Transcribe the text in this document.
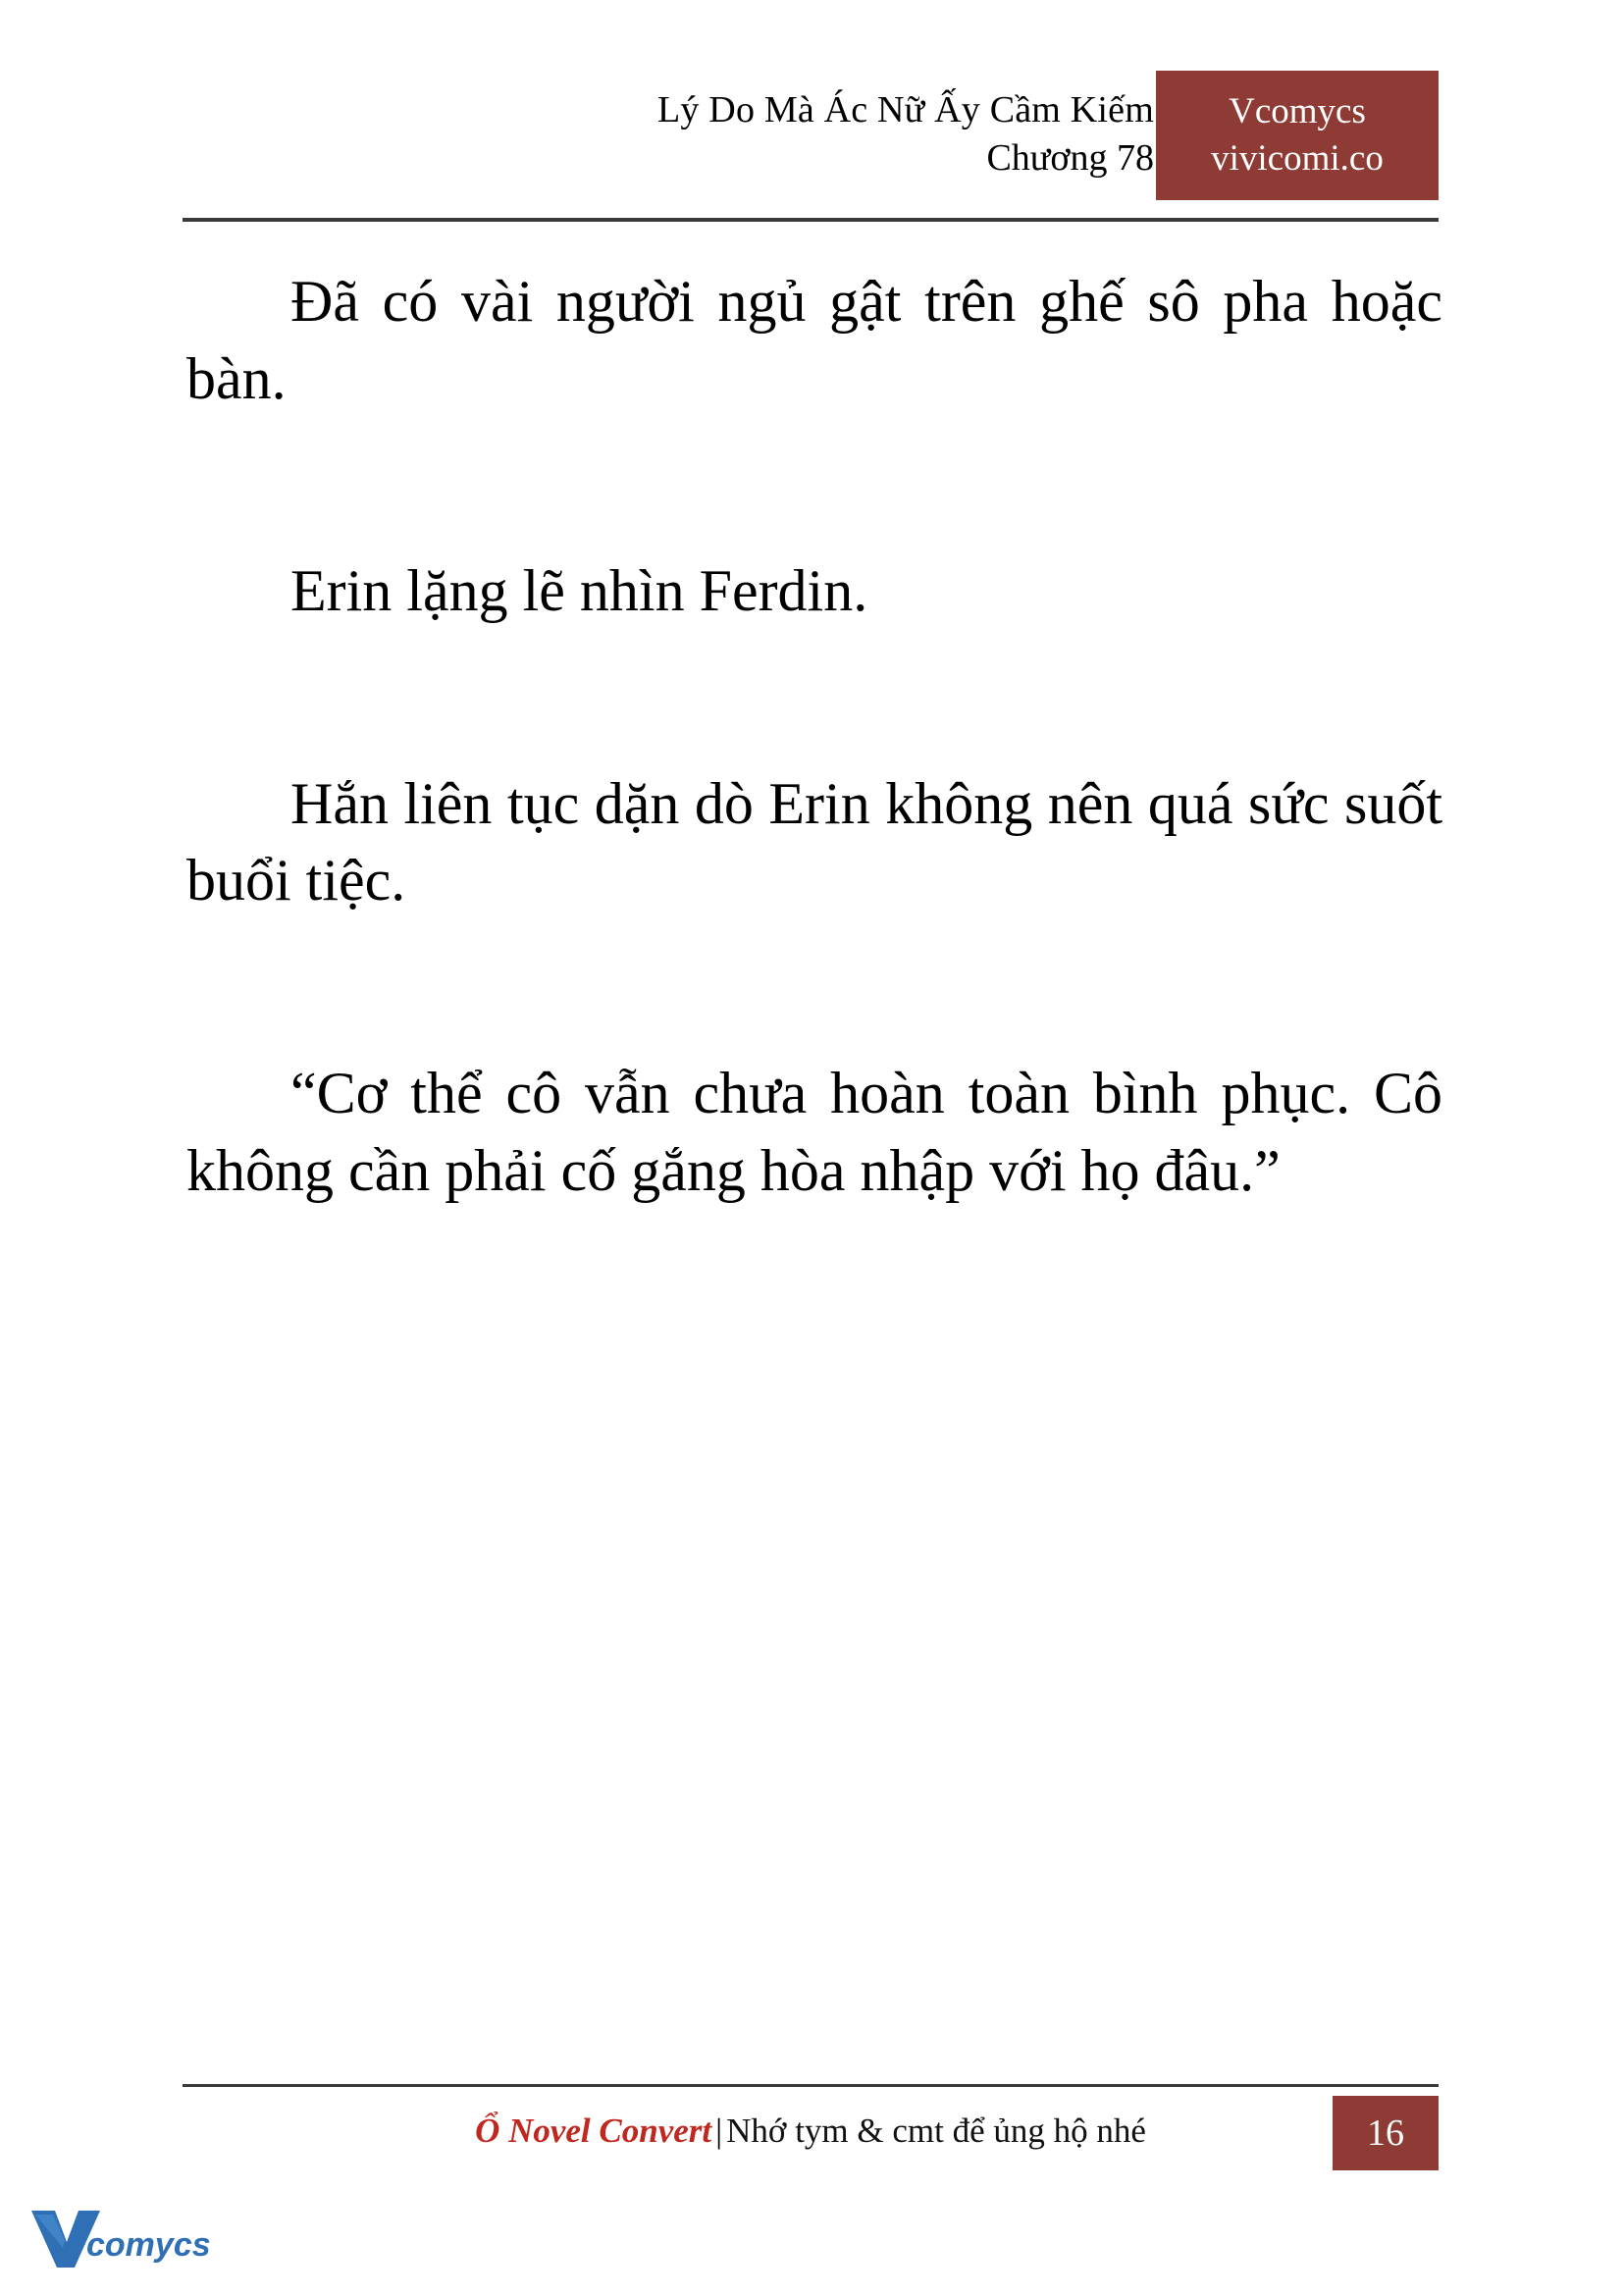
Lý Do Mà Ác Nữ Ấy Cầm Kiếm
Chương 78
Vcomycs
vivicomi.co

Đã có vài người ngủ gật trên ghế sô pha hoặc bàn.

Erin lặng lẽ nhìn Ferdin.

Hắn liên tục dặn dò Erin không nên quá sức suốt buổi tiệc.

“Cơ thể cô vẫn chưa hoàn toàn bình phục. Cô không cần phải cố gắng hòa nhập với họ đâu.”

Ổ Novel Convert | Nhớ tym & cmt để ủng hộ nhé	16
comycs
